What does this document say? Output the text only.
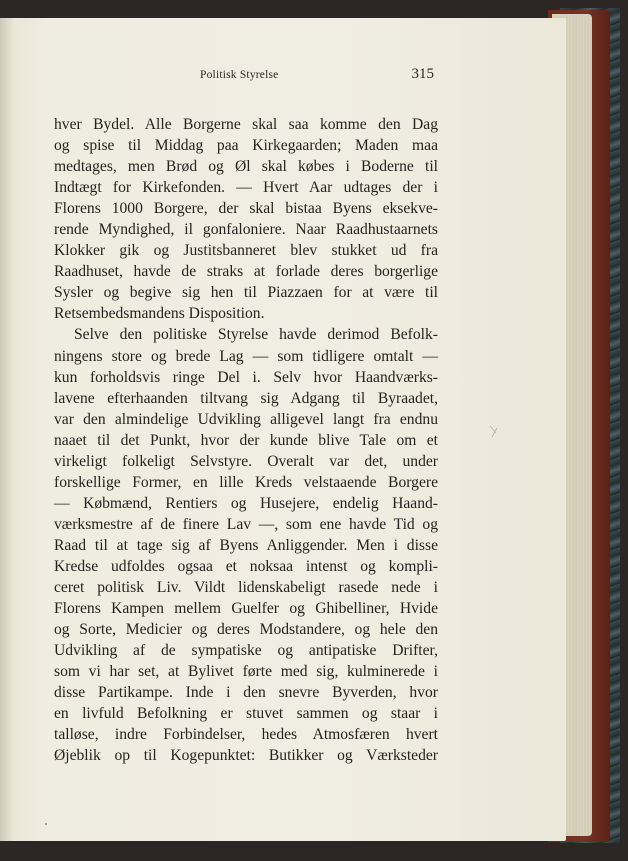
Politisk Styrelse	315
hver Bydel. Alle Borgerne skal saa komme den Dag
og spise til Middag paa Kirkegaarden; Maden maa
medtages, men Brød og Øl skal købes i Boderne til
Indtægt for Kirkefonden. — Hvert Aar udtages der i
Florens 1000 Borgere, der skal bistaa Byens eksekve-
rende Myndighed, il gonfaloniere. Naar Raadhustaarnets
Klokker gik og Justitsbanneret blev stukket ud fra
Raadhuset, havde de straks at forlade deres borgerlige
Sysler og begive sig hen til Piazzaen for at være til
Retsembedsmandens Disposition.
Selve den politiske Styrelse havde derimod Befolk-
ningens store og brede Lag — som tidligere omtalt —
kun forholdsvis ringe Del i. Selv hvor Haandværks-
lavene efterhaanden tiltvang sig Adgang til Byraadet,
var den almindelige Udvikling alligevel langt fra endnu
naaet til det Punkt, hvor der kunde blive Tale om et
virkeligt folkeligt Selvstyre. Overalt var det, under
forskellige Former, en lille Kreds velstaaende Borgere
— Købmænd, Rentiers og Husejere, endelig Haand-
værksmestre af de finere Lav —, som ene havde Tid og
Raad til at tage sig af Byens Anliggender. Men i disse
Kredse udfoldes ogsaa et noksaa intenst og kompli-
ceret politisk Liv. Vildt lidenskabeligt rasede nede i
Florens Kampen mellem Guelfer og Ghibelliner, Hvide
og Sorte, Medicier og deres Modstandere, og hele den
Udvikling af de sympatiske og antipatiske Drifter,
som vi har set, at Bylivet førte med sig, kulminerede i
disse Partikampe. Inde i den snevre Byverden, hvor
en livfuld Befolkning er stuvet sammen og staar i
talløse, indre Forbindelser, hedes Atmosfæren hvert
Øjeblik op til Kogepunktet: Butikker og Værksteder
